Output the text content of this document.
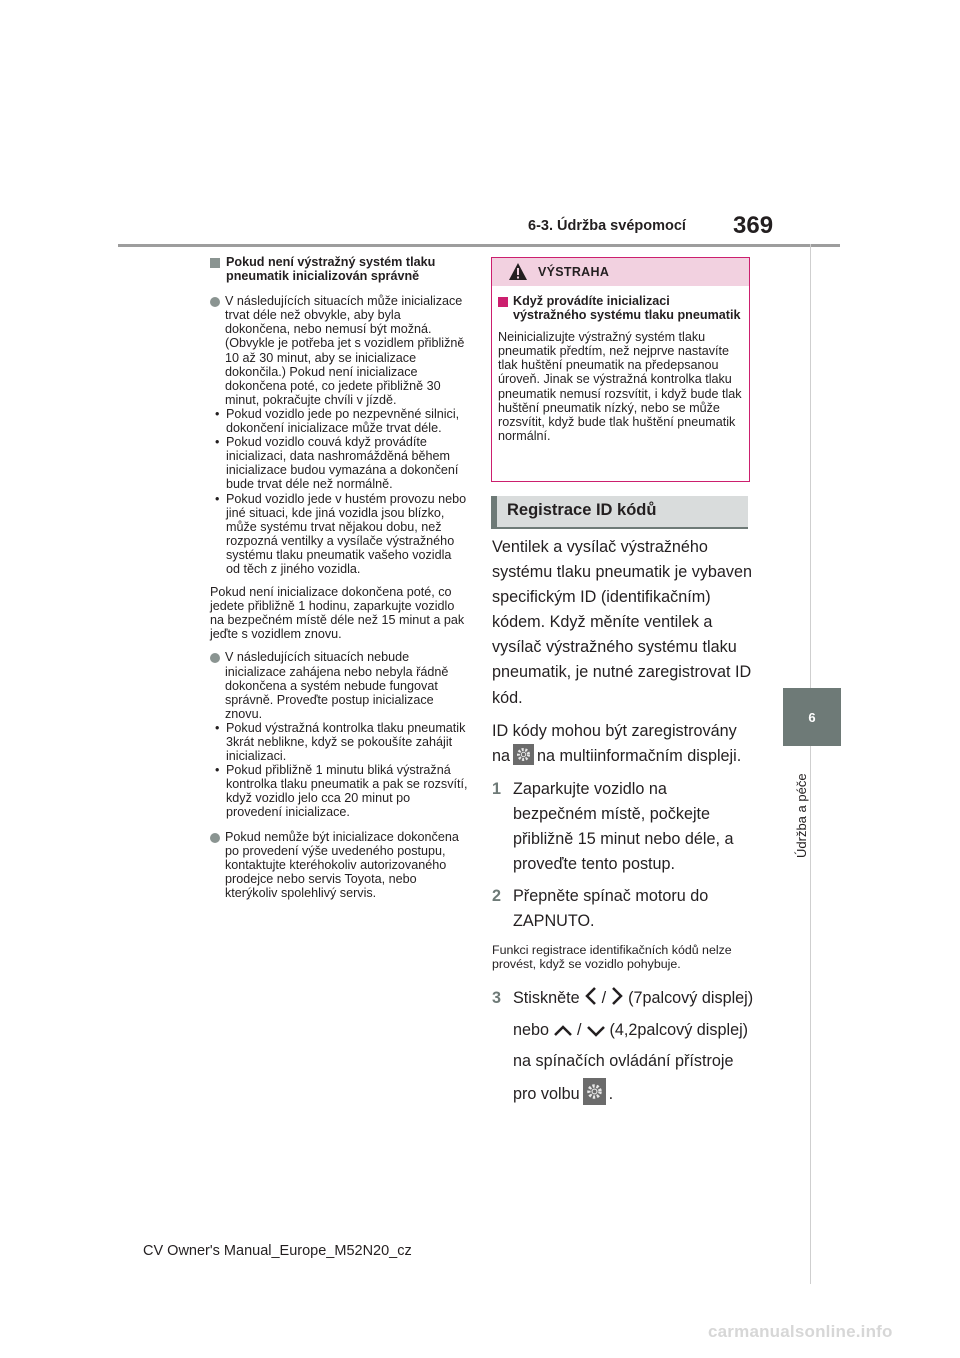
6-3. Údržba svépomocí 369
6
Údržba a péče
Pokud není výstražný systém tlaku pneumatik inicializován správně
V následujících situacích může inicializace trvat déle než obvykle, aby byla dokončena, nebo nemusí být možná. (Obvykle je potřeba jet s vozidlem přibližně 10 až 30 minut, aby se inicializace dokončila.) Pokud není inicializace dokončena poté, co jedete přibližně 30 minut, pokračujte chvíli v jízdě.
• Pokud vozidlo jede po nezpevněné silnici, dokončení inicializace může trvat déle.
• Pokud vozidlo couvá když provádíte inicializaci, data nashromážděná během inicializace budou vymazána a dokončení bude trvat déle než normálně.
• Pokud vozidlo jede v hustém provozu nebo jiné situaci, kde jiná vozidla jsou blízko, může systému trvat nějakou dobu, než rozpozná ventilky a vysílače výstražného systému tlaku pneumatik vašeho vozidla od těch z jiného vozidla.
Pokud není inicializace dokončena poté, co jedete přibližně 1 hodinu, zaparkujte vozidlo na bezpečném místě déle než 15 minut a pak jeďte s vozidlem znovu.
V následujících situacích nebude inicializace zahájena nebo nebyla řádně dokončena a systém nebude fungovat správně. Proveďte postup inicializace znovu.
• Pokud výstražná kontrolka tlaku pneumatik 3krát neblikne, když se pokoušíte zahájit inicializaci.
• Pokud přibližně 1 minutu bliká výstražná kontrolka tlaku pneumatik a pak se rozsvítí, když vozidlo jelo cca 20 minut po provedení inicializace.
Pokud nemůže být inicializace dokončena po provedení výše uvedeného postupu, kontaktujte kteréhokoliv autorizovaného prodejce nebo servis Toyota, nebo kterýkoliv spolehlivý servis.
VÝSTRAHA
Když provádíte inicializaci výstražného systému tlaku pneumatik
Neinicializujte výstražný systém tlaku pneumatik předtím, než nejprve nastavíte tlak huštění pneumatik na předepsanou úroveň. Jinak se výstražná kontrolka tlaku pneumatik nemusí rozsvítit, i když bude tlak huštění pneumatik nízký, nebo se může rozsvítit, když bude tlak huštění pneumatik normální.
Registrace ID kódů

Ventilek a vysílač výstražného systému tlaku pneumatik je vybaven specifickým ID (identifikačním) kódem. Když měníte ventilek a vysílač výstražného systému tlaku pneumatik, je nutné zaregistrovat ID kód.

ID kódy mohou být zaregistrovány
na na multiinformačním displeji.

1 Zaparkujte vozidlo na bezpečném místě, počkejte přibližně 15 minut nebo déle, a proveďte tento postup.
2 Přepněte spínač motoru do ZAPNUTO.
Funkci registrace identifikačních kódů nelze provést, když se vozidlo pohybuje.
3 Stiskněte / (7palcový displej) nebo / (4,2palcový displej) na spínačích ovládání přístroje pro volbu .
CV Owner's Manual_Europe_M52N20_cz
carmanualsonline.info
